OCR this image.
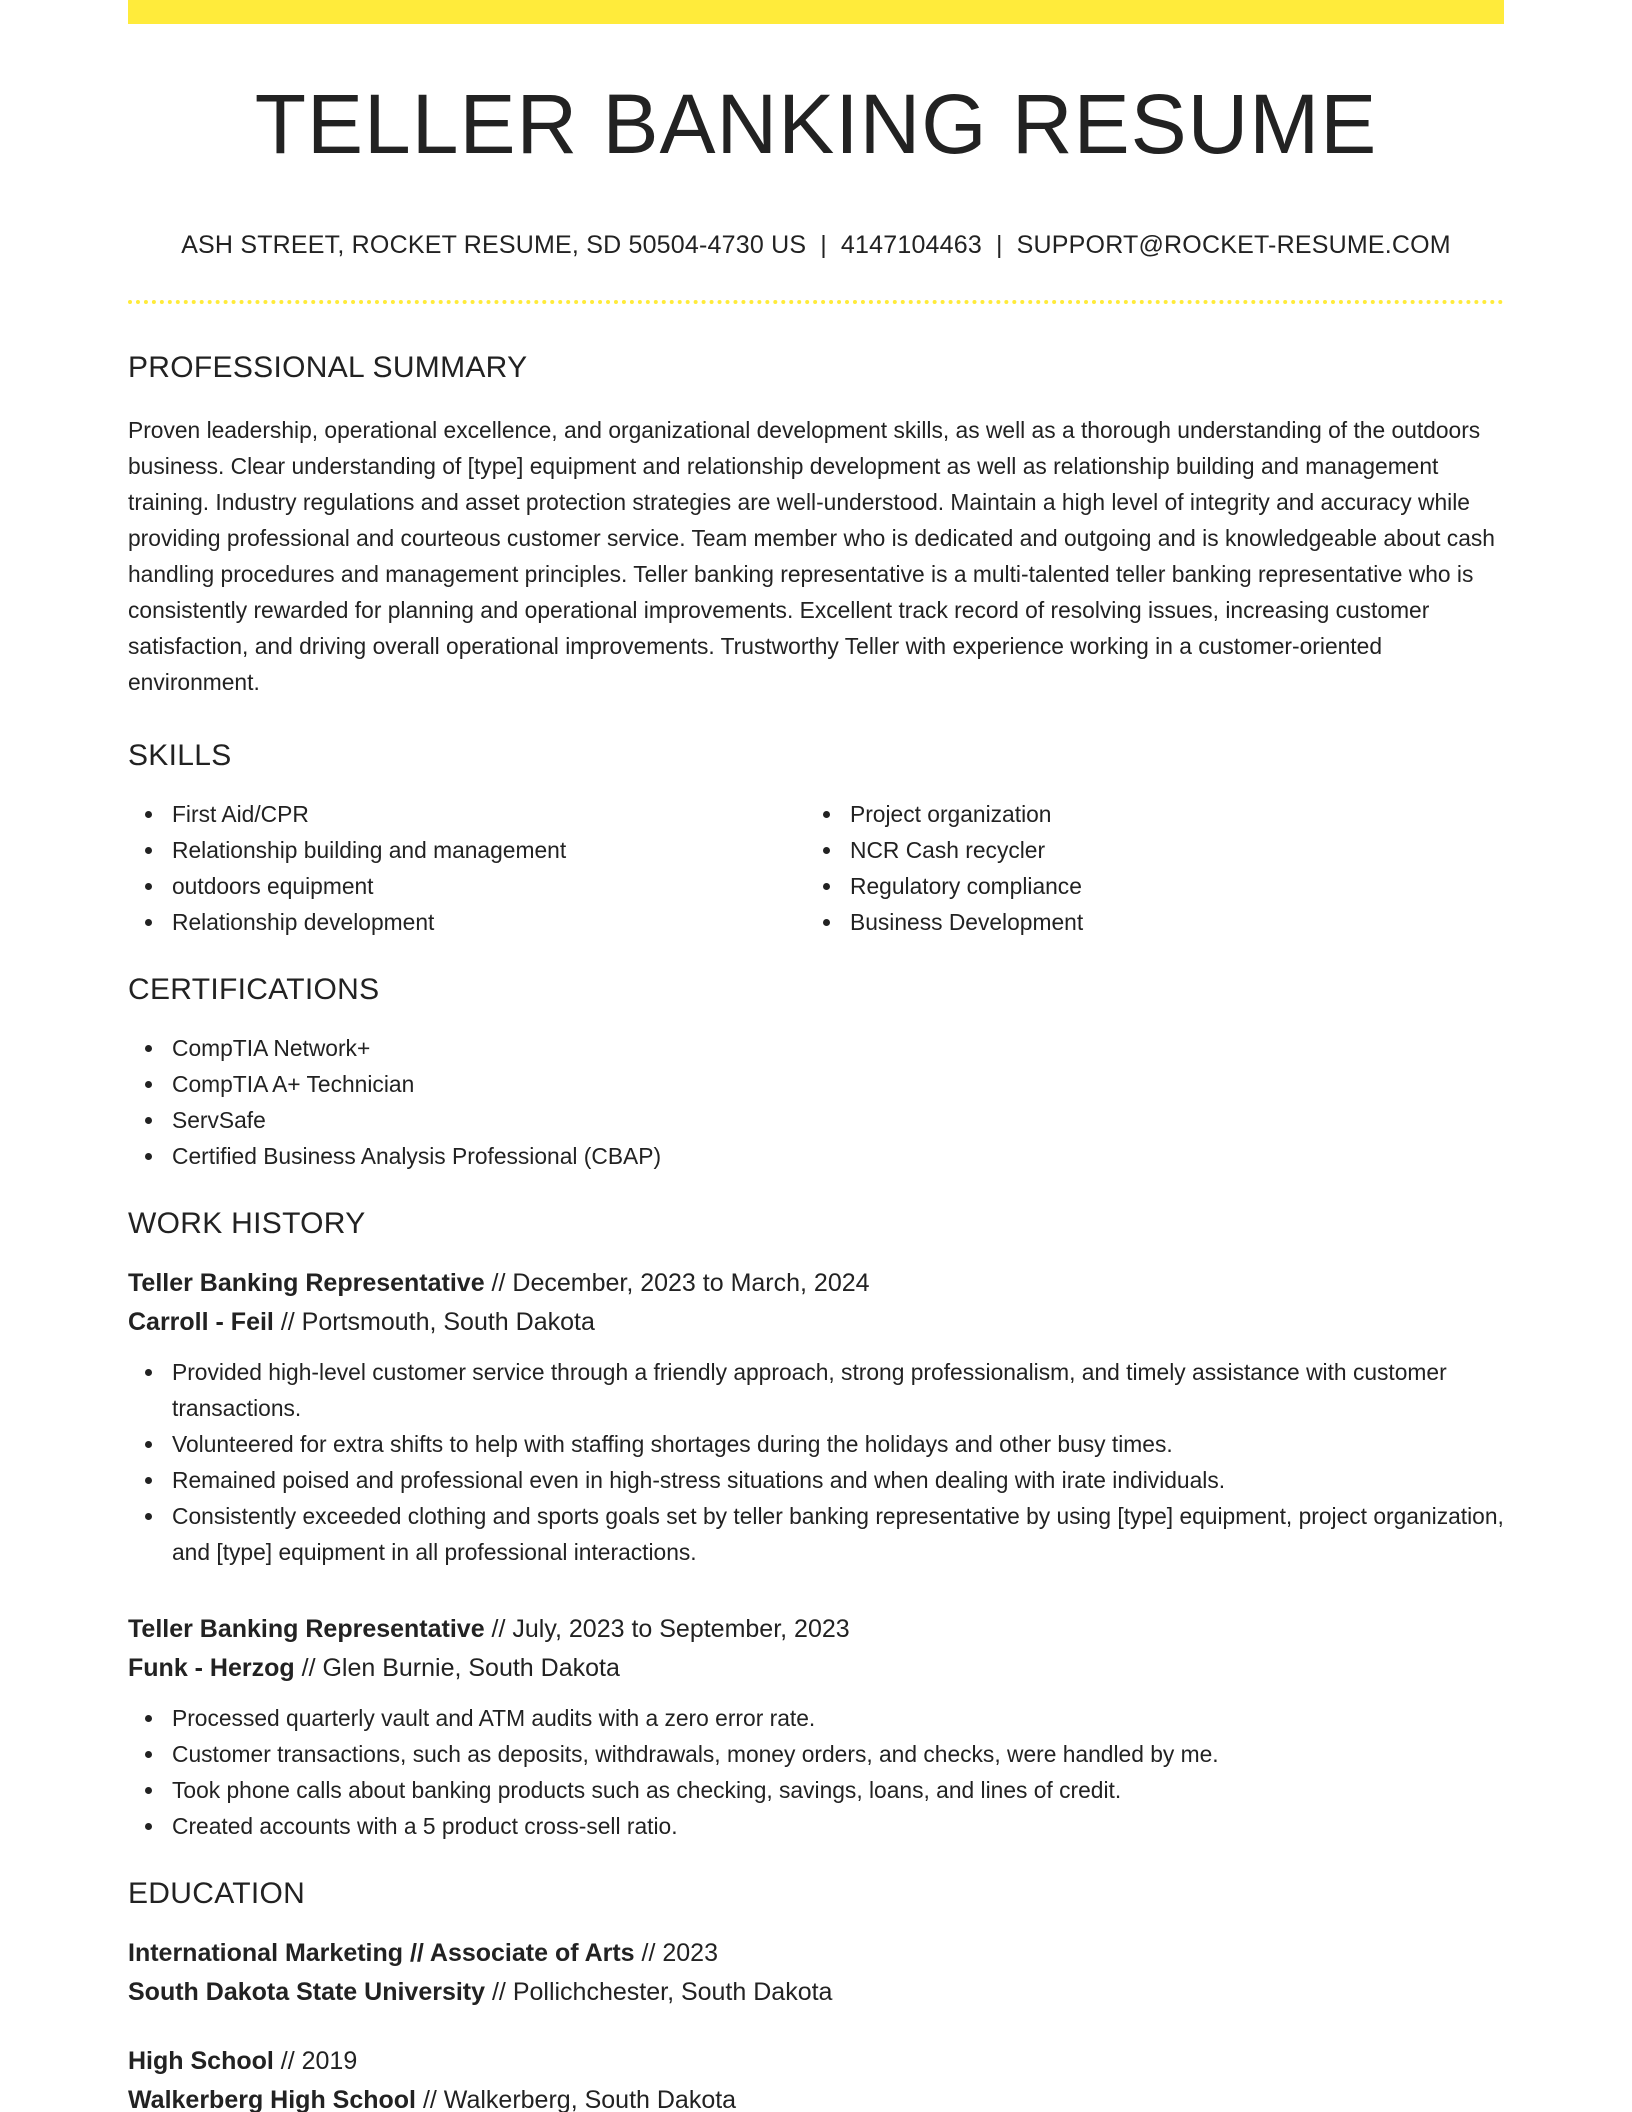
TELLER BANKING RESUME
ASH STREET, ROCKET RESUME, SD 50504-4730 US | 4147104463 | SUPPORT@ROCKET-RESUME.COM
PROFESSIONAL SUMMARY

Proven leadership, operational excellence, and organizational development skills, as well as a thorough understanding of the outdoors business. Clear understanding of [type] equipment and relationship development as well as relationship building and management training. Industry regulations and asset protection strategies are well-understood. Maintain a high level of integrity and accuracy while providing professional and courteous customer service. Team member who is dedicated and outgoing and is knowledgeable about cash handling procedures and management principles. Teller banking representative is a multi-talented teller banking representative who is consistently rewarded for planning and operational improvements. Excellent track record of resolving issues, increasing customer satisfaction, and driving overall operational improvements. Trustworthy Teller with experience working in a customer-oriented environment.

SKILLS
First Aid/CPR
Relationship building and management
outdoors equipment
Relationship development
Project organization
NCR Cash recycler
Regulatory compliance
Business Development
CERTIFICATIONS
CompTIA Network+
CompTIA A+ Technician
ServSafe
Certified Business Analysis Professional (CBAP)
WORK HISTORY
Teller Banking Representative // December, 2023 to March, 2024
Carroll - Feil // Portsmouth, South Dakota
Provided high-level customer service through a friendly approach, strong professionalism, and timely assistance with customer transactions.
Volunteered for extra shifts to help with staffing shortages during the holidays and other busy times.
Remained poised and professional even in high-stress situations and when dealing with irate individuals.
Consistently exceeded clothing and sports goals set by teller banking representative by using [type] equipment, project organization, and [type] equipment in all professional interactions.
Teller Banking Representative // July, 2023 to September, 2023
Funk - Herzog // Glen Burnie, South Dakota
Processed quarterly vault and ATM audits with a zero error rate.
Customer transactions, such as deposits, withdrawals, money orders, and checks, were handled by me.
Took phone calls about banking products such as checking, savings, loans, and lines of credit.
Created accounts with a 5 product cross-sell ratio.
EDUCATION
International Marketing // Associate of Arts // 2023
South Dakota State University // Pollichchester, South Dakota
High School // 2019
Walkerberg High School // Walkerberg, South Dakota
